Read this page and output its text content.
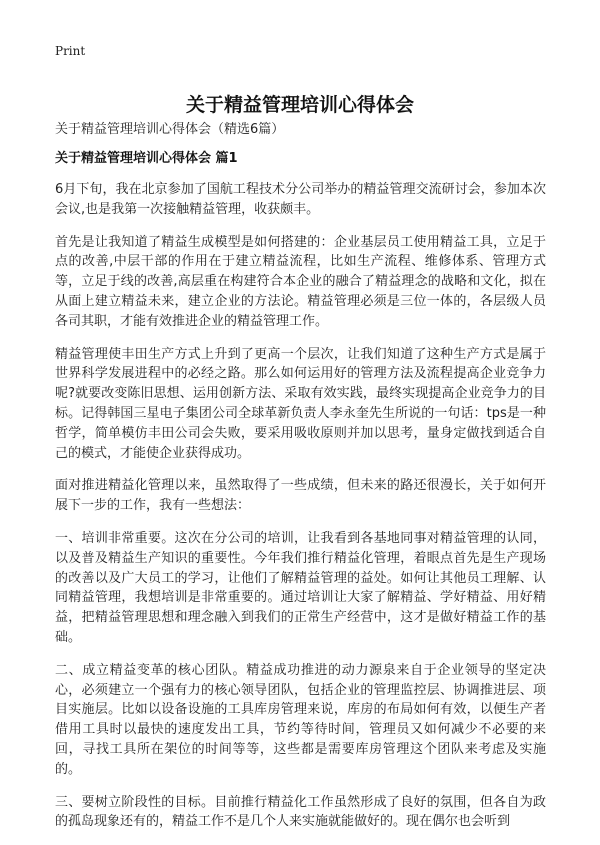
Print
关于精益管理培训心得体会
关于精益管理培训心得体会（精选6篇）
关于精益管理培训心得体会 篇1

6月下旬，我在北京参加了国航工程技术分公司举办的精益管理交流研讨会，参加本次会议,也是我第一次接触精益管理，收获颇丰。

首先是让我知道了精益生成模型是如何搭建的：企业基层员工使用精益工具，立足于点的改善,中层干部的作用在于建立精益流程，比如生产流程、维修体系、管理方式等，立足于线的改善,高层重在构建符合本企业的融合了精益理念的战略和文化，拟在从面上建立精益未来，建立企业的方法论。精益管理必须是三位一体的，各层级人员各司其职，才能有效推进企业的精益管理工作。

精益管理使丰田生产方式上升到了更高一个层次，让我们知道了这种生产方式是属于世界科学发展进程中的必经之路。那么如何运用好的管理方法及流程提高企业竞争力呢?就要改变陈旧思想、运用创新方法、采取有效实践，最终实现提高企业竞争力的目标。记得韩国三星电子集团公司全球革新负责人李永奎先生所说的一句话：tps是一种哲学，简单模仿丰田公司会失败，要采用吸收原则并加以思考，量身定做找到适合自己的模式，才能使企业获得成功。

面对推进精益化管理以来，虽然取得了一些成绩，但未来的路还很漫长，关于如何开展下一步的工作，我有一些想法：

一、培训非常重要。这次在分公司的培训，让我看到各基地同事对精益管理的认同，以及普及精益生产知识的重要性。今年我们推行精益化管理，着眼点首先是生产现场的改善以及广大员工的学习，让他们了解精益管理的益处。如何让其他员工理解、认同精益管理，我想培训是非常重要的。通过培训让大家了解精益、学好精益、用好精益，把精益管理思想和理念融入到我们的正常生产经营中，这才是做好精益工作的基础。

二、成立精益变革的核心团队。精益成功推进的动力源泉来自于企业领导的坚定决心，必须建立一个强有力的核心领导团队，包括企业的管理监控层、协调推进层、项目实施层。比如以设备设施的工具库房管理来说，库房的布局如何有效，以便生产者借用工具时以最快的速度发出工具，节约等待时间，管理员又如何减少不必要的来回，寻找工具所在架位的时间等等，这些都是需要库房管理这个团队来考虑及实施的。

三、要树立阶段性的目标。目前推行精益化工作虽然形成了良好的氛围，但各自为政的孤岛现象还有的，精益工作不是几个人来实施就能做好的。现在偶尔也会听到
